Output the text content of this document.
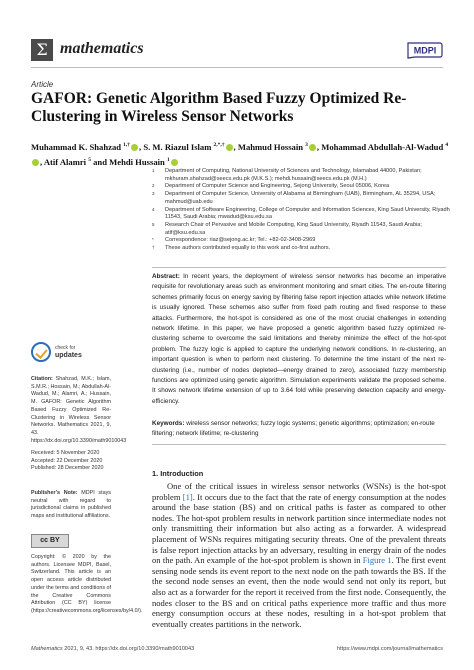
Σ mathematics	MDPI
Article
GAFOR: Genetic Algorithm Based Fuzzy Optimized Re-Clustering in Wireless Sensor Networks
Muhammad K. Shahzad $^{1,\dagger}$ , S. M. Riazul Islam $^{2,*,\dagger}$ , Mahmud Hossain $^3$ , Mohammad Abdullah-Al-Wadud $^4$, Atif Alamri $^5$ and Mehdi Hussain $^1$
1 Department of Computing, National University of Sciences and Technology, Islamabad 44000, Pakistan; mkhuram.shahzad@seecs.edu.pk (M.K.S.); mehdi.hussain@seecs.edu.pk (M.H.)
2 Department of Computer Science and Engineering, Sejong University, Seoul 05006, Korea
3 Department of Computer Science, University of Alabama at Birmingham (UAB), Birmingham, AL 35294, USA; mahmud@uab.edu
4 Department of Software Engineering, College of Computer and Information Sciences, King Saud University, Riyadh 11543, Saudi Arabia; mwadud@ksu.edu.sa
5 Research Chair of Pervasive and Mobile Computing, King Saud University, Riyadh 11543, Saudi Arabia; atif@ksu.edu.sa
* Correspondence: riaz@sejong.ac.kr; Tel.: +82-02-3408-2969
† These authors contributed equally to this work and co-first authors.
Abstract: In recent years, the deployment of wireless sensor networks has become an imperative requisite for revolutionary areas such as environment monitoring and smart cities. The en-route filtering schemes primarily focus on energy saving by filtering false report injection attacks while network lifetime is usually ignored. These schemes also suffer from fixed path routing and fixed response to these attacks. Furthermore, the hot-spot is considered as one of the most crucial challenges in extending network lifetime. In this paper, we have proposed a genetic algorithm based fuzzy optimized re-clustering scheme to overcome the said limitations and thereby minimize the effect of the hot-spot problem. The fuzzy logic is applied to capture the underlying network conditions. In re-clustering, an important question is when to perform next clustering. To determine the time instant of the next re-clustering (i.e., number of nodes depleted—energy drained to zero), associated fuzzy membership functions are optimized using genetic algorithm. Simulation experiments validate the proposed scheme. It shows network lifetime extension of up to 3.64 fold while preserving detection capacity and energy-efficiency.
Keywords: wireless sensor networks; fuzzy logic systems; genetic algorithms; optimization; en-route filtering; network lifetime; re-clustering
check for
updates
Citation: Shahzad, M.K.; Islam, S.M.R.; Hossain, M.; Abdullah-Al-Wadud, M.; Alamri, A.; Hussain, M. GAFOR: Genetic Algorithm Based Fuzzy Optimized Re-Clustering in Wireless Sensor Networks. Mathematics 2021, 9, 43. https://dx.doi.org/10.3390/math9010043
Received: 5 November 2020
Accepted: 22 December 2020
Published: 28 December 2020
Publisher’s Note: MDPI stays neutral with regard to jurisdictional claims in published maps and institutional affiliations.
cc BY
Copyright: © 2020 by the authors. Licensee MDPI, Basel, Switzerland. This article is an open access article distributed under the terms and conditions of the Creative Commons Attribution (CC BY) license (https://creativecommons.org/licenses/by/4.0/).
1. Introduction
One of the critical issues in wireless sensor networks (WSNs) is the hot-spot problem [1]. It occurs due to the fact that the rate of energy consumption at the nodes around the base station (BS) and on critical paths is faster as compared to other nodes. The hot-spot problem results in network partition since intermediate nodes not only transmitting their information but also acting as a forwarder. A widespread placement of WSNs requires mitigating security threats. One of the prevalent threats is false report injection attacks by an adversary, resulting in energy drain of the nodes on the path. An example of the hot-spot problem is shown in Figure 1. The first event sensing node sends its event report to the next node on the path towards the BS. If the the second node senses an event, then the node would send not only its report, but also act as a forwarder for the report it received from the first node. Consequently, the nodes closer to the BS and on critical paths experience more traffic and thus more energy consumption occurs at these nodes, resulting in a hot-spot problem that eventually creates partitions in the network.
Mathematics 2021, 9, 43. https://dx.doi.org/10.3390/math9010043	https://www.mdpi.com/journal/mathematics
